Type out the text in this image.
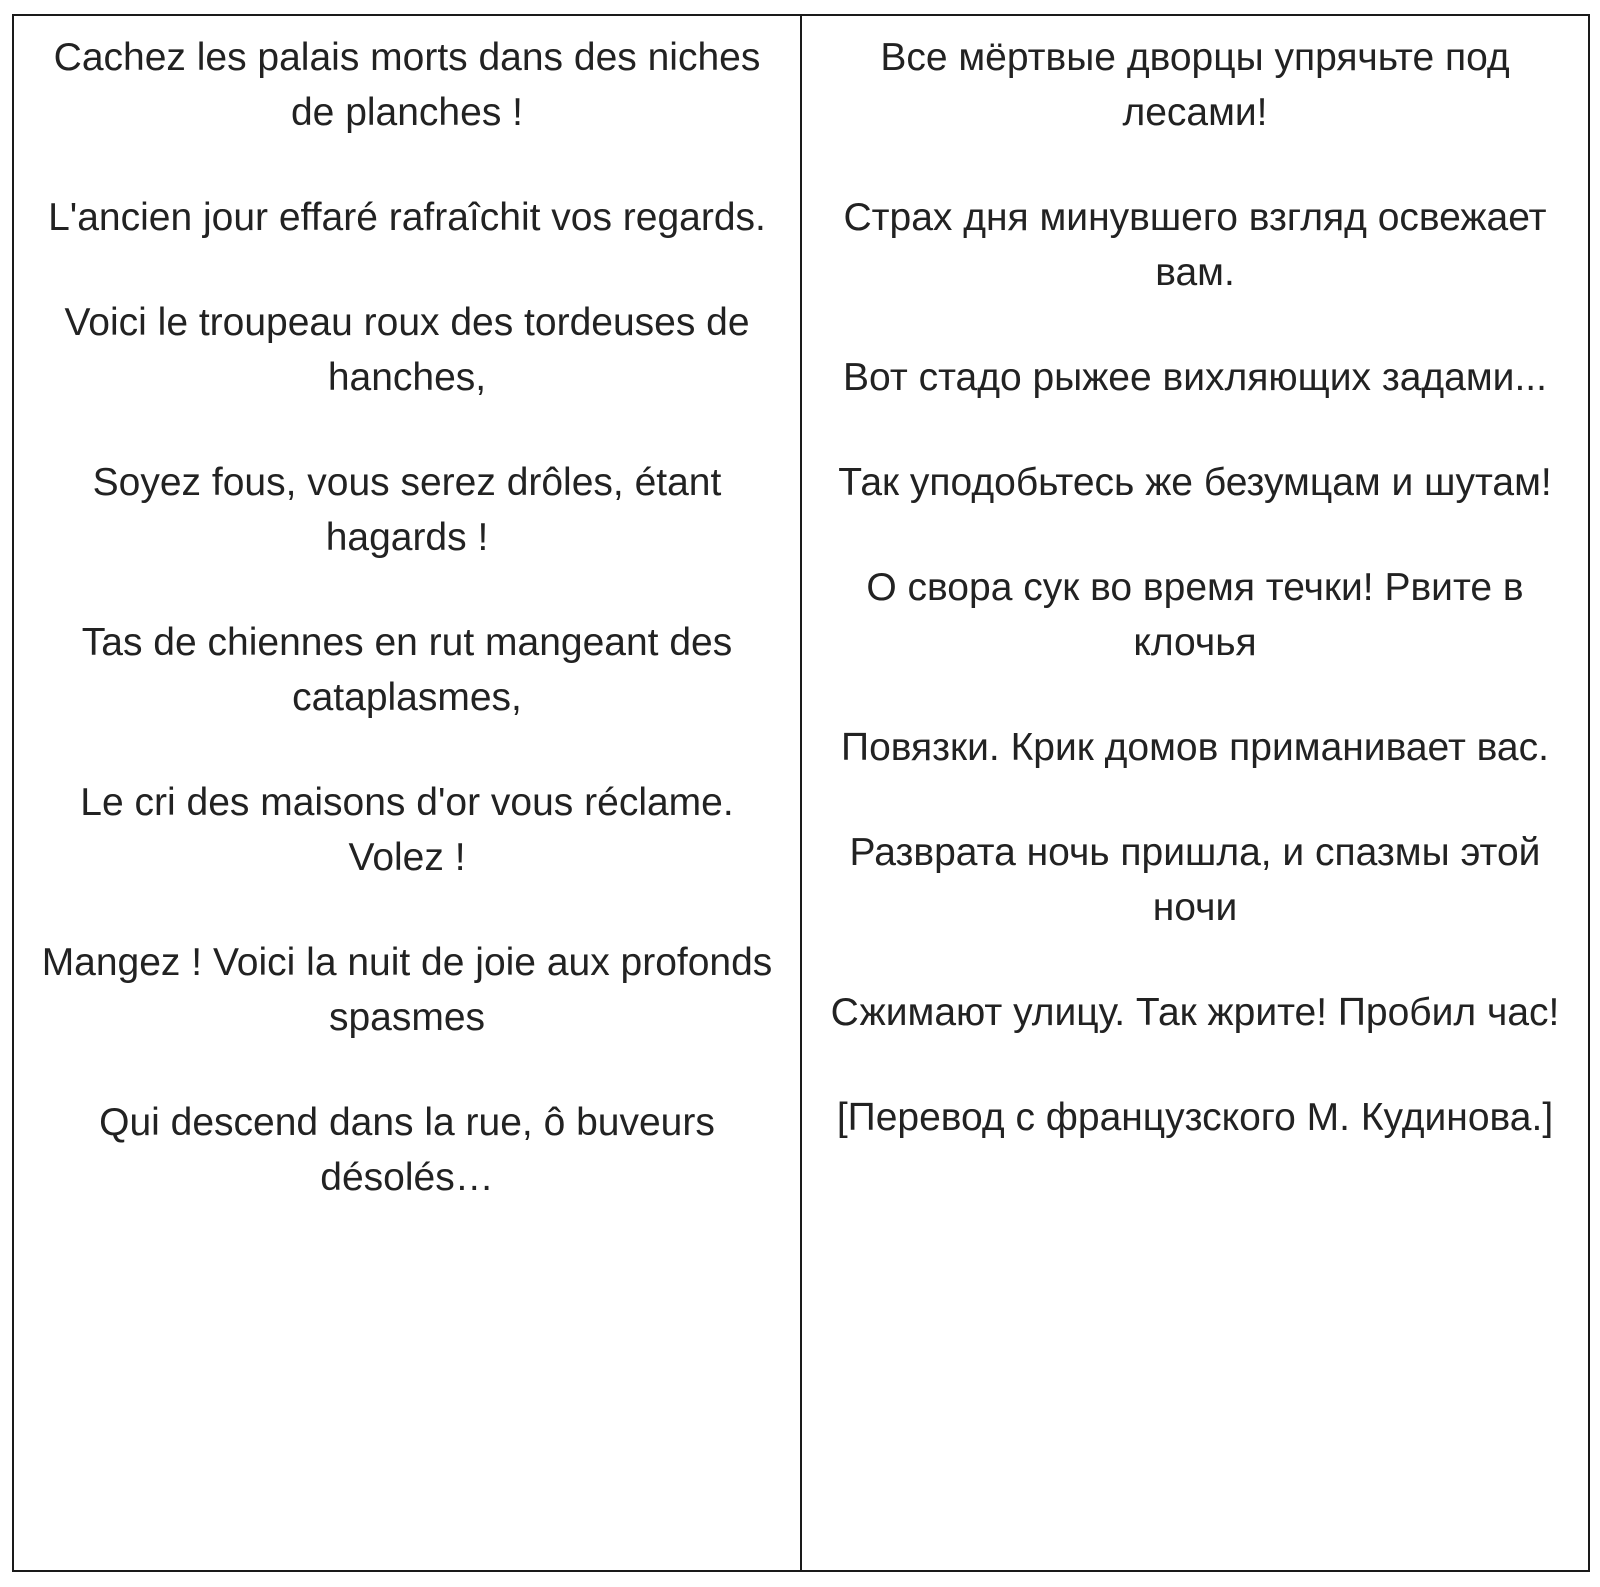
Cachez les palais morts dans des niches de planches !

L'ancien jour effaré rafraîchit vos regards.

Voici le troupeau roux des tordeuses de hanches,

Soyez fous, vous serez drôles, étant hagards !

Tas de chiennes en rut mangeant des cataplasmes,

Le cri des maisons d'or vous réclame. Volez !

Mangez ! Voici la nuit de joie aux profonds spasmes

Qui descend dans la rue, ô buveurs désolés…

Все мёртвые дворцы упрячьте под лесами!

Страх дня минувшего взгляд освежает вам.

Вот стадо рыжее вихляющих задами...

Так уподобьтесь же безумцам и шутам!

О свора сук во время течки! Рвите в клочья

Повязки. Крик домов приманивает вас.

Разврата ночь пришла, и спазмы этой ночи

Сжимают улицу. Так жрите! Пробил час!

[Перевод с французского М. Кудинова.]
